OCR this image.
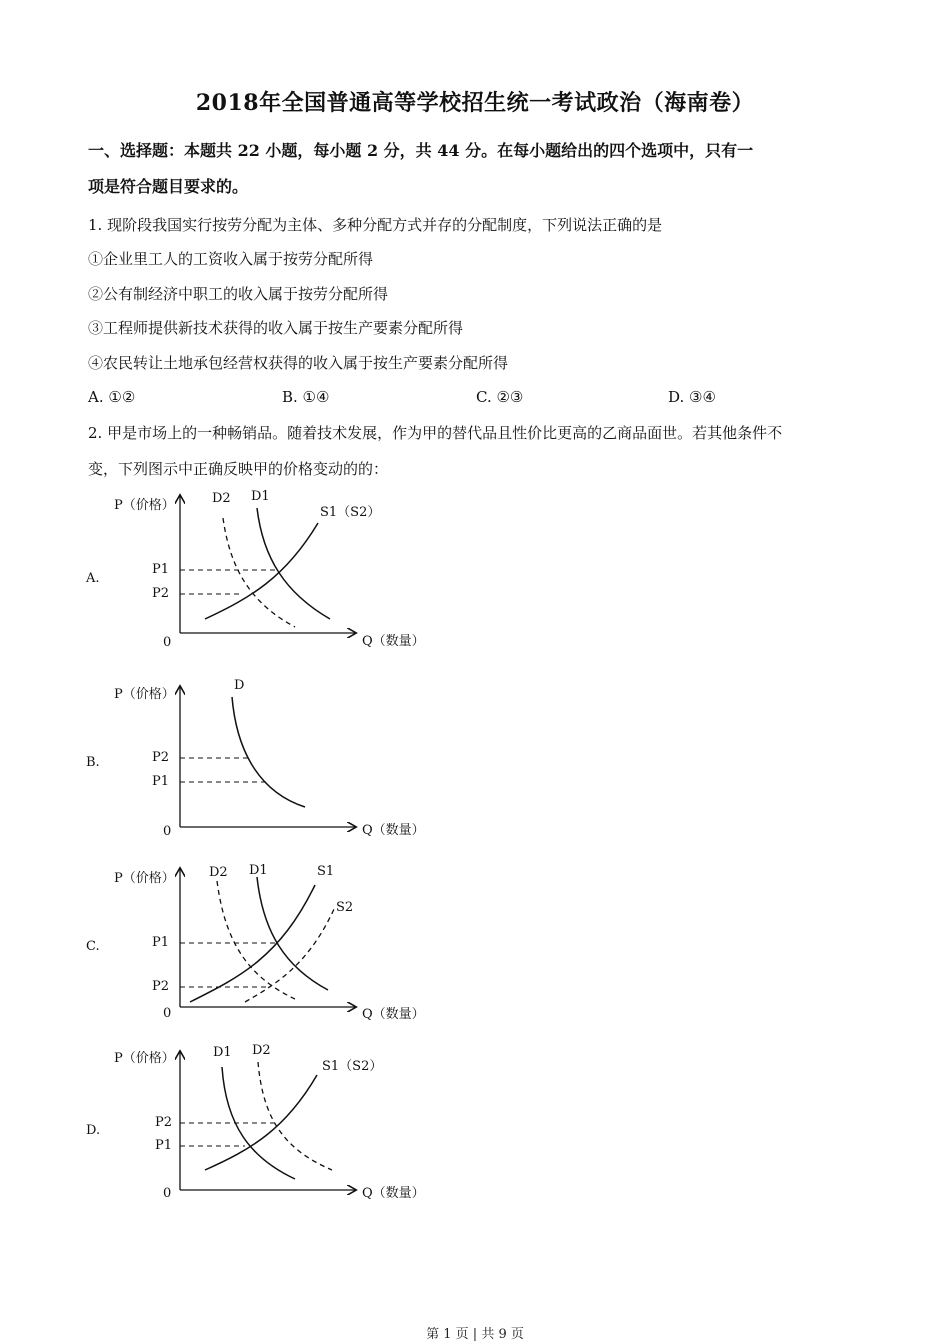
2018年全国普通高等学校招生统一考试政治（海南卷）
一、选择题：本题共 22 小题，每小题 2 分，共 44 分。在每小题给出的四个选项中，只有一
项是符合题目要求的。
1. 现阶段我国实行按劳分配为主体、多种分配方式并存的分配制度，下列说法正确的是
①企业里工人的工资收入属于按劳分配所得
②公有制经济中职工的收入属于按劳分配所得
③工程师提供新技术获得的收入属于按生产要素分配所得
④农民转让土地承包经营权获得的收入属于按生产要素分配所得
A. ①②	B. ①④	C. ②③	D. ③④
2. 甲是市场上的一种畅销品。随着技术发展，作为甲的替代品且性价比更高的乙商品面世。若其他条件不
变，下列图示中正确反映甲的价格变动的的：
A.
P（价格）
Q（数量）
0
P1
P2
D2 D1
S1（S2）
B.
P（价格）
Q（数量）
0
P2
P1
D
C.
P（价格）
Q（数量）
0
P1
P2
D2 D1	S1
S2
D.
P（价格）
Q（数量）
0
P2
P1
D1 D2
S1（S2）
第 1 页 | 共 9 页
